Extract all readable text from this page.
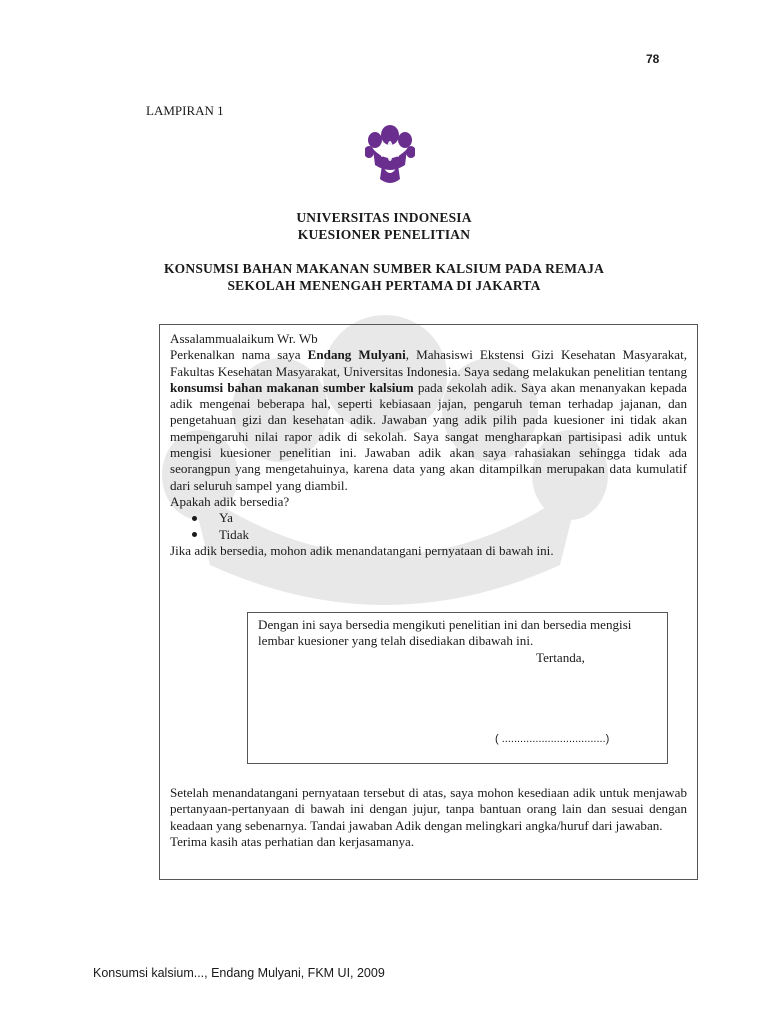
78
LAMPIRAN 1
UNIVERSITAS INDONESIA
KUESIONER PENELITIAN
KONSUMSI BAHAN MAKANAN SUMBER KALSIUM PADA REMAJA
SEKOLAH MENENGAH PERTAMA DI JAKARTA

Assalammualaikum Wr. Wb

Perkenalkan nama saya Endang Mulyani, Mahasiswi Ekstensi Gizi Kesehatan Masyarakat, Fakultas Kesehatan Masyarakat, Universitas Indonesia. Saya sedang melakukan penelitian tentang konsumsi bahan makanan sumber kalsium pada sekolah adik. Saya akan menanyakan kepada adik mengenai beberapa hal, seperti kebiasaan jajan, pengaruh teman terhadap jajanan, dan pengetahuan gizi dan kesehatan adik. Jawaban yang adik pilih pada kuesioner ini tidak akan mempengaruhi nilai rapor adik di sekolah. Saya sangat mengharapkan partisipasi adik untuk mengisi kuesioner penelitian ini. Jawaban adik akan saya rahasiakan sehingga tidak ada seorangpun yang mengetahuinya, karena data yang akan ditampilkan merupakan data kumulatif dari seluruh sampel yang diambil.

Apakah adik bersedia?

Ya
Tidak

Jika adik bersedia, mohon adik menandatangani pernyataan di bawah ini.

Dengan ini saya bersedia mengikuti penelitian ini dan bersedia mengisi lembar kuesioner yang telah disediakan dibawah ini.
Tertanda,
( ..................................)

Setelah menandatangani pernyataan tersebut di atas, saya mohon kesediaan adik untuk menjawab pertanyaan-pertanyaan di bawah ini dengan jujur, tanpa bantuan orang lain dan sesuai dengan keadaan yang sebenarnya. Tandai jawaban Adik dengan melingkari angka/huruf dari jawaban.

Terima kasih atas perhatian dan kerjasamanya.

Konsumsi kalsium..., Endang Mulyani, FKM UI, 2009
